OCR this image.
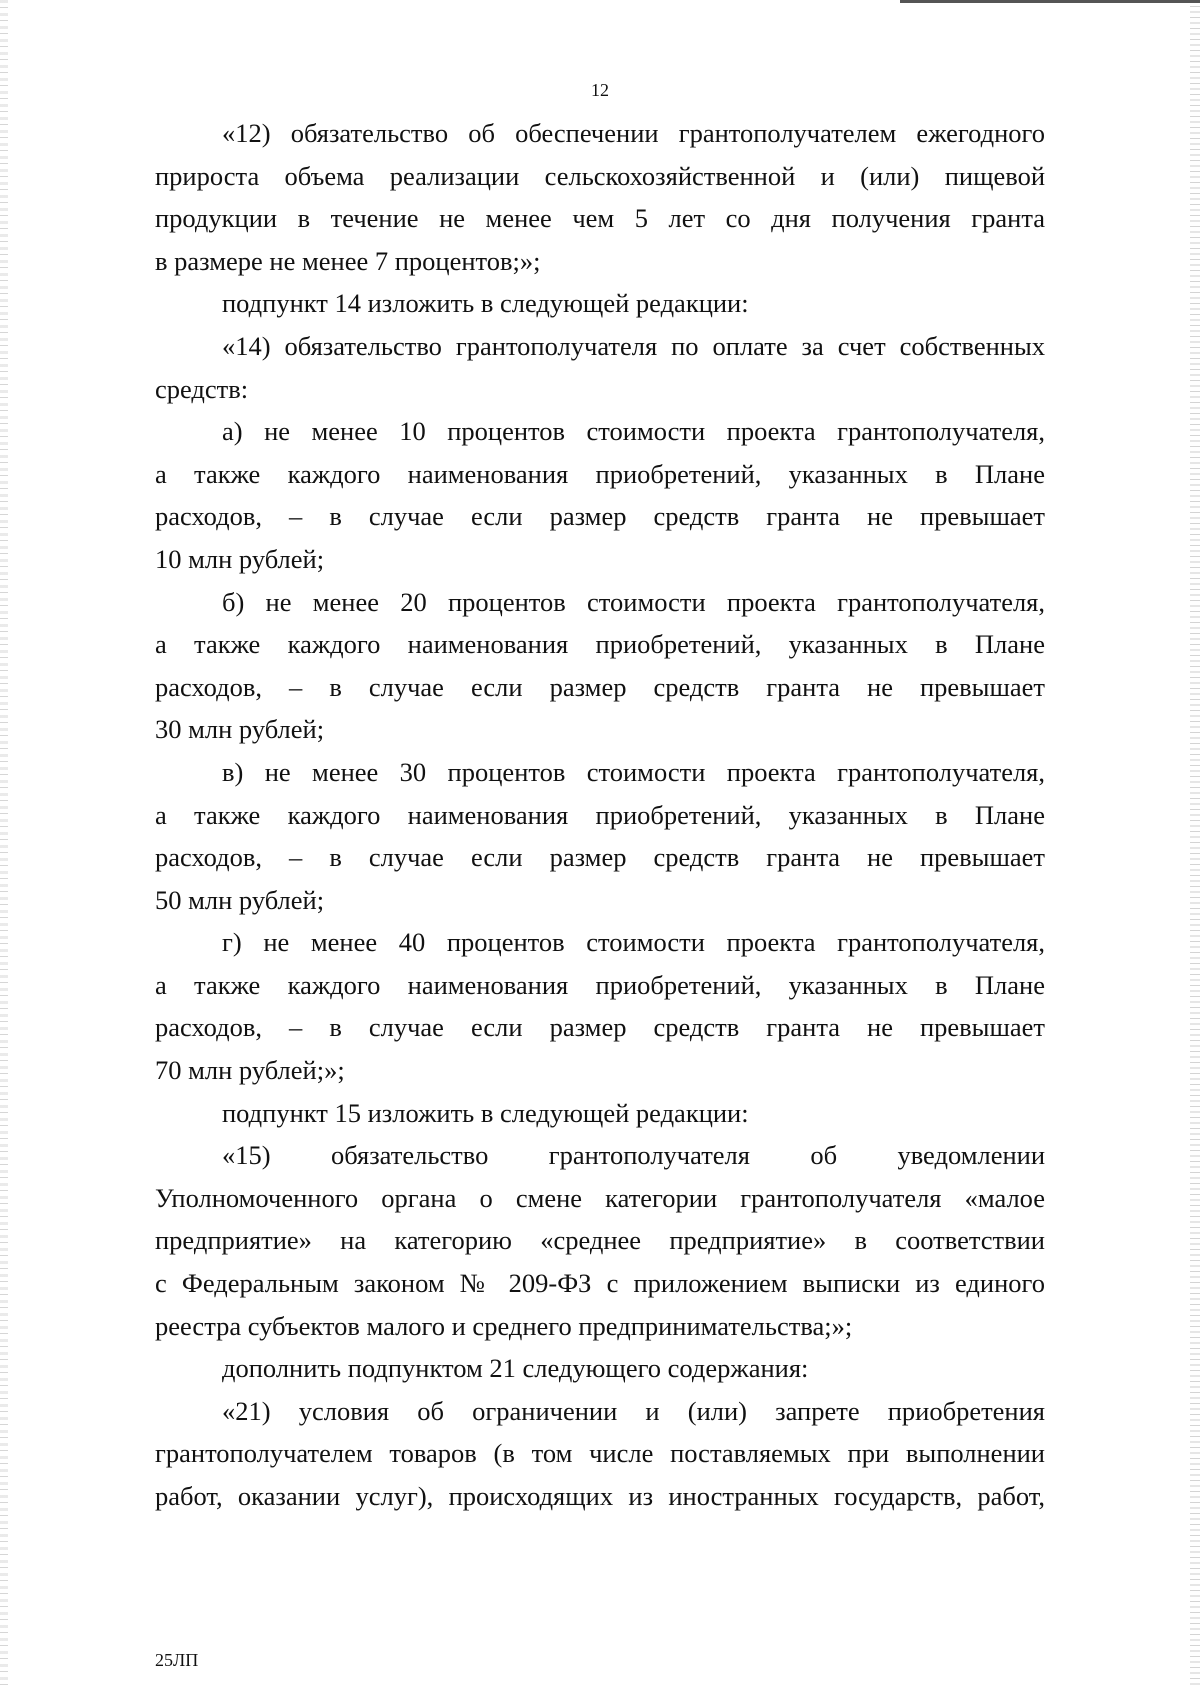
12
«12) обязательство об обеспечении грантополучателем ежегодного
прироста объема реализации сельскохозяйственной и (или) пищевой
продукции в течение не менее чем 5 лет со дня получения гранта
в размере не менее 7 процентов;»;
подпункт 14 изложить в следующей редакции:
«14) обязательство грантополучателя по оплате за счет собственных
средств:
а) не менее 10 процентов стоимости проекта грантополучателя,
а также каждого наименования приобретений, указанных в Плане
расходов, – в случае если размер средств гранта не превышает
10 млн рублей;
б) не менее 20 процентов стоимости проекта грантополучателя,
а также каждого наименования приобретений, указанных в Плане
расходов, – в случае если размер средств гранта не превышает
30 млн рублей;
в) не менее 30 процентов стоимости проекта грантополучателя,
а также каждого наименования приобретений, указанных в Плане
расходов, – в случае если размер средств гранта не превышает
50 млн рублей;
г) не менее 40 процентов стоимости проекта грантополучателя,
а также каждого наименования приобретений, указанных в Плане
расходов, – в случае если размер средств гранта не превышает
70 млн рублей;»;
подпункт 15 изложить в следующей редакции:
«15) обязательство грантополучателя об уведомлении
Уполномоченного органа о смене категории грантополучателя «малое
предприятие» на категорию «среднее предприятие» в соответствии
с Федеральным законом № 209-ФЗ с приложением выписки из единого
реестра субъектов малого и среднего предпринимательства;»;
дополнить подпунктом 21 следующего содержания:
«21) условия об ограничении и (или) запрете приобретения
грантополучателем товаров (в том числе поставляемых при выполнении
работ, оказании услуг), происходящих из иностранных государств, работ,
25ЛП
